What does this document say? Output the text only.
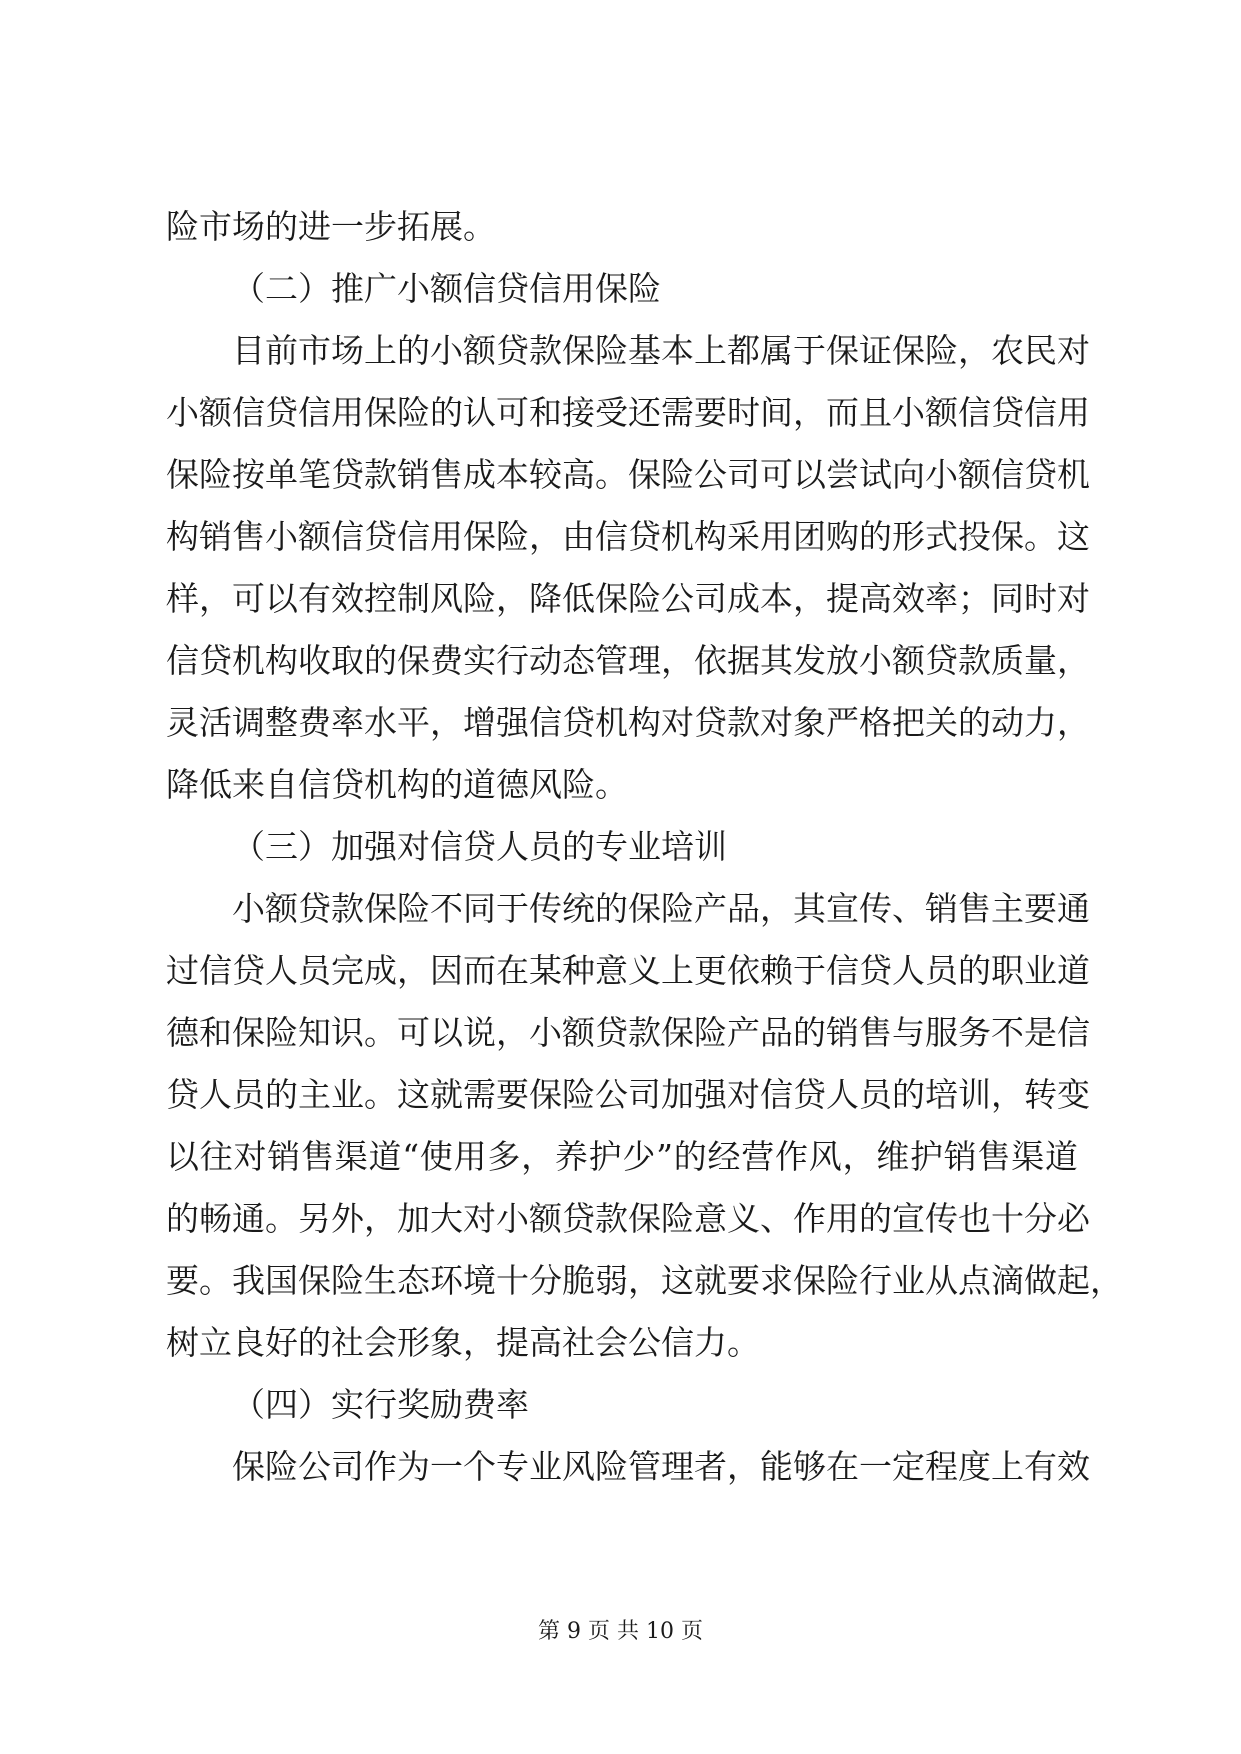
险市场的进一步拓展。
（二）推广小额信贷信用保险
目前市场上的小额贷款保险基本上都属于保证保险，农民对
小额信贷信用保险的认可和接受还需要时间，而且小额信贷信用
保险按单笔贷款销售成本较高。保险公司可以尝试向小额信贷机
构销售小额信贷信用保险，由信贷机构采用团购的形式投保。这
样，可以有效控制风险，降低保险公司成本，提高效率；同时对
信贷机构收取的保费实行动态管理，依据其发放小额贷款质量，
灵活调整费率水平，增强信贷机构对贷款对象严格把关的动力，
降低来自信贷机构的道德风险。
（三）加强对信贷人员的专业培训
小额贷款保险不同于传统的保险产品，其宣传、销售主要通
过信贷人员完成，因而在某种意义上更依赖于信贷人员的职业道
德和保险知识。可以说，小额贷款保险产品的销售与服务不是信
贷人员的主业。这就需要保险公司加强对信贷人员的培训，转变
以往对销售渠道“使用多，养护少”的经营作风，维护销售渠道
的畅通。另外，加大对小额贷款保险意义、作用的宣传也十分必
要。我国保险生态环境十分脆弱，这就要求保险行业从点滴做起，
树立良好的社会形象，提高社会公信力。
（四）实行奖励费率
保险公司作为一个专业风险管理者，能够在一定程度上有效
第 9 页 共 10 页
